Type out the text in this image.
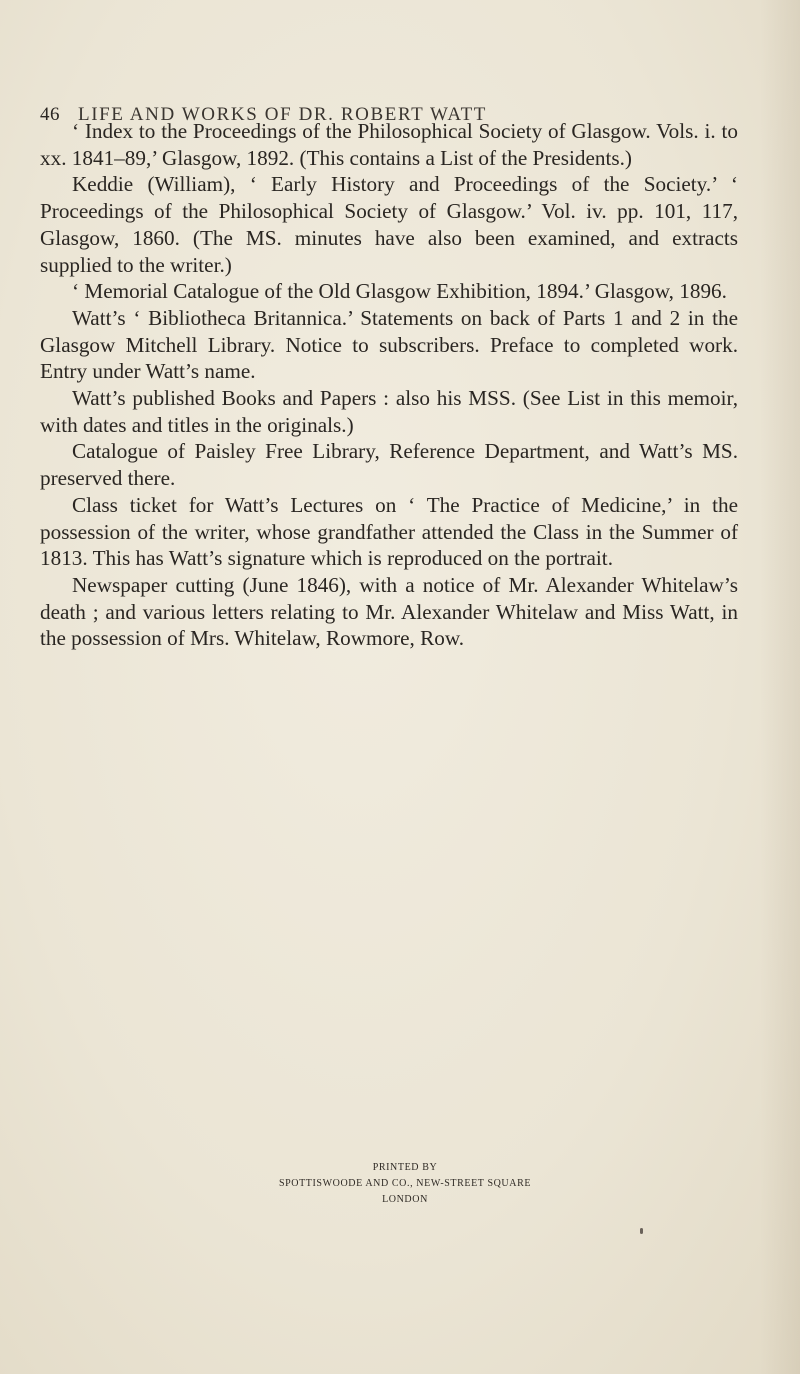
46 LIFE AND WORKS OF DR. ROBERT WATT

‘ Index to the Proceedings of the Philosophical Society of Glasgow. Vols. i. to xx. 1841–89,’ Glasgow, 1892. (This contains a List of the Presidents.)

Keddie (William), ‘ Early History and Proceedings of the Society.’ ‘ Proceedings of the Philosophical Society of Glasgow.’ Vol. iv. pp. 101, 117, Glasgow, 1860. (The MS. minutes have also been examined, and extracts supplied to the writer.)

‘ Memorial Catalogue of the Old Glasgow Exhibition, 1894.’ Glasgow, 1896.

Watt’s ‘ Bibliotheca Britannica.’ Statements on back of Parts 1 and 2 in the Glasgow Mitchell Library. Notice to subscribers. Preface to completed work. Entry under Watt’s name.

Watt’s published Books and Papers : also his MSS. (See List in this memoir, with dates and titles in the originals.)

Catalogue of Paisley Free Library, Reference Department, and Watt’s MS. preserved there.

Class ticket for Watt’s Lectures on ‘ The Practice of Medicine,’ in the possession of the writer, whose grandfather attended the Class in the Summer of 1813. This has Watt’s signature which is reproduced on the portrait.

Newspaper cutting (June 1846), with a notice of Mr. Alexander Whitelaw’s death ; and various letters relating to Mr. Alexander Whitelaw and Miss Watt, in the possession of Mrs. Whitelaw, Rowmore, Row.

PRINTED BY
SPOTTISWOODE AND CO., NEW-STREET SQUARE
LONDON
